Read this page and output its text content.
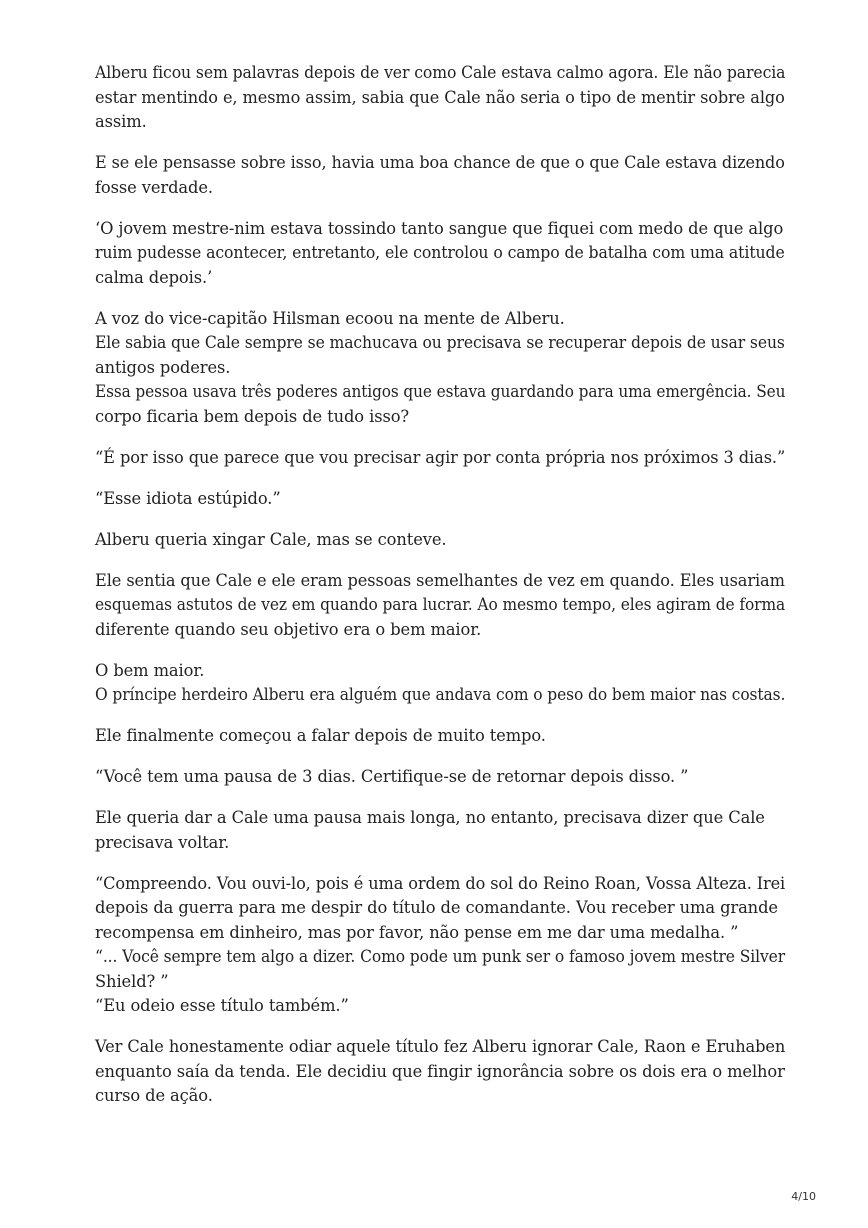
Alberu ficou sem palavras depois de ver como Cale estava calmo agora. Ele não parecia
estar mentindo e, mesmo assim, sabia que Cale não seria o tipo de mentir sobre algo
assim.

E se ele pensasse sobre isso, havia uma boa chance de que o que Cale estava dizendo
fosse verdade.

‘O jovem mestre-nim estava tossindo tanto sangue que fiquei com medo de que algo
ruim pudesse acontecer, entretanto, ele controlou o campo de batalha com uma atitude
calma depois.’

A voz do vice-capitão Hilsman ecoou na mente de Alberu.
Ele sabia que Cale sempre se machucava ou precisava se recuperar depois de usar seus
antigos poderes.
Essa pessoa usava três poderes antigos que estava guardando para uma emergência. Seu
corpo ficaria bem depois de tudo isso?

“É por isso que parece que vou precisar agir por conta própria nos próximos 3 dias.”

“Esse idiota estúpido.”

Alberu queria xingar Cale, mas se conteve.

Ele sentia que Cale e ele eram pessoas semelhantes de vez em quando. Eles usariam
esquemas astutos de vez em quando para lucrar. Ao mesmo tempo, eles agiram de forma
diferente quando seu objetivo era o bem maior.

O bem maior.
O príncipe herdeiro Alberu era alguém que andava com o peso do bem maior nas costas.

Ele finalmente começou a falar depois de muito tempo.

“Você tem uma pausa de 3 dias. Certifique-se de retornar depois disso. ”

Ele queria dar a Cale uma pausa mais longa, no entanto, precisava dizer que Cale
precisava voltar.

“Compreendo. Vou ouvi-lo, pois é uma ordem do sol do Reino Roan, Vossa Alteza. Irei
depois da guerra para me despir do título de comandante. Vou receber uma grande
recompensa em dinheiro, mas por favor, não pense em me dar uma medalha. ”
“... Você sempre tem algo a dizer. Como pode um punk ser o famoso jovem mestre Silver
Shield? ”
“Eu odeio esse título também.”

Ver Cale honestamente odiar aquele título fez Alberu ignorar Cale, Raon e Eruhaben
enquanto saía da tenda. Ele decidiu que fingir ignorância sobre os dois era o melhor
curso de ação.

4/10
